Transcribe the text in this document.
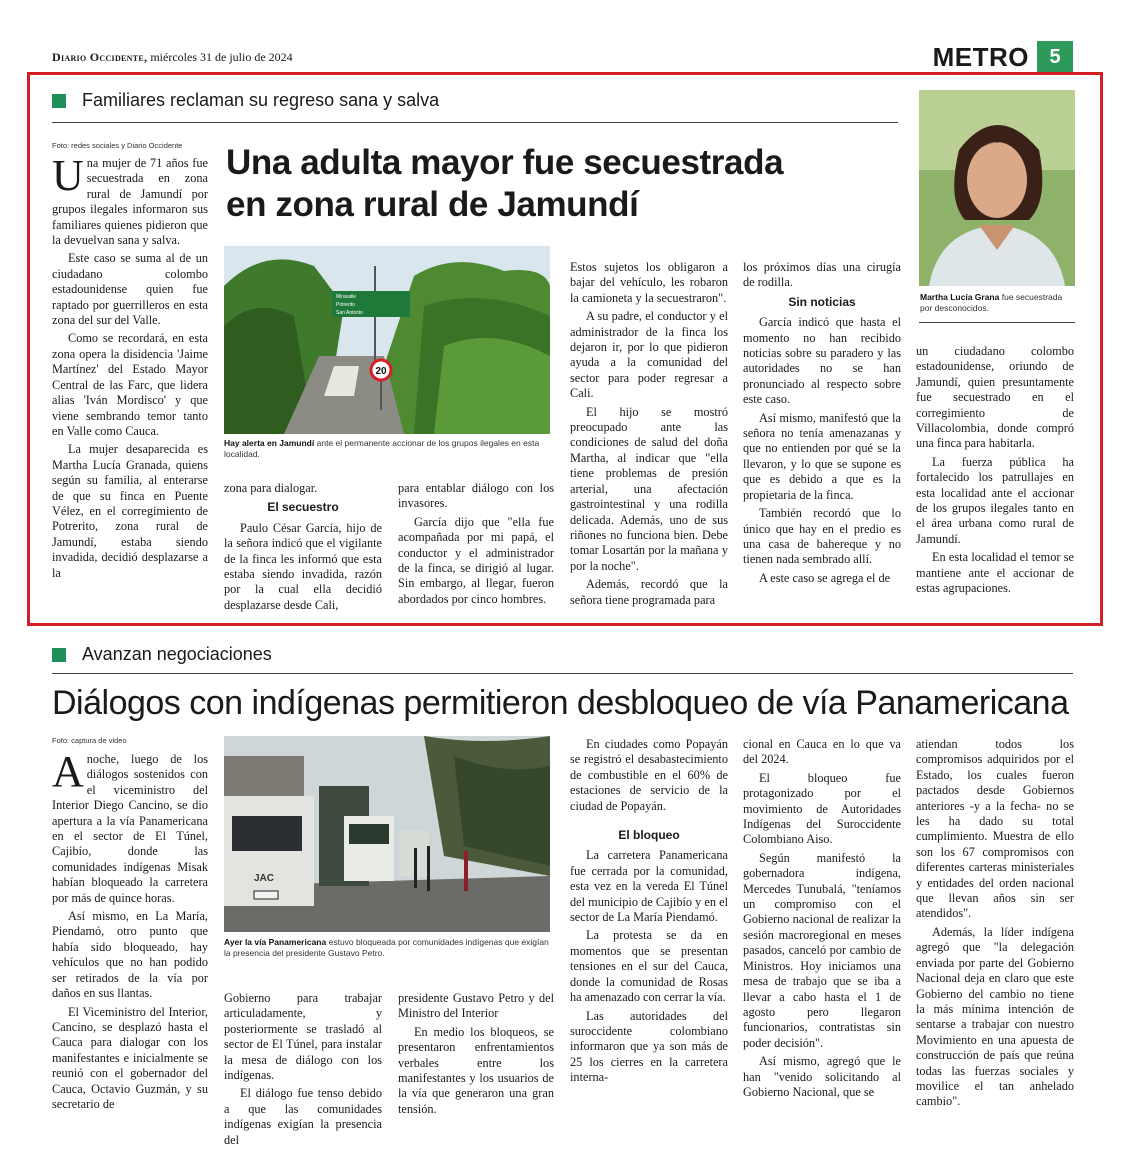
Diario Occidente, miércoles 31 de julio de 2024	METRO	5
Familiares reclaman su regreso sana y salva
Foto: redes sociales y Diario Occidente
U na mujer de 71 años fue secuestrada en zona rural de Jamundí por grupos ilegales informaron sus familiares quienes pidieron que la devuelvan sana y salva.

Este caso se suma al de un ciudadano colombo estadounidense quien fue raptado por guerrilleros en esta zona del sur del Valle.

Como se recordará, en esta zona opera la disidencia 'Jaime Martínez' del Estado Mayor Central de las Farc, que lidera alias 'Iván Mordisco' y que viene sembrando temor tanto en Valle como Cauca.

La mujer desaparecida es Martha Lucía Granada, quiens según su familia, al enterarse de que su finca en Puente Vélez, en el corregimiento de Potrerito, zona rural de Jamundí, estaba siendo invadida, decidió desplazarse a la

Una adulta mayor fue secuestrada
en zona rural de Jamundí
Miravalle
Potrerito
San Antonio
20
Hay alerta en Jamundí ante el permanente accionar de los grupos ilegales en esta localidad.

zona para dialogar.

El secuestro

Paulo César García, hijo de la señora indicó que el vigilante de la finca les informó que esta estaba siendo invadida, razón por la cual ella decidió desplazarse desde Cali,

para entablar diálogo con los invasores.

García dijo que "ella fue acompañada por mi papá, el conductor y el administrador de la finca, se dirigió al lugar. Sin embargo, al llegar, fueron abordados por cinco hombres.

Estos sujetos los obligaron a bajar del vehículo, les robaron la camioneta y la secuestraron".

A su padre, el conductor y el administrador de la finca los dejaron ir, por lo que pidieron ayuda a la comunidad del sector para poder regresar a Cali.

El hijo se mostró preocupado ante las condiciones de salud del doña Martha, al indicar que "ella tiene problemas de presión arterial, una afectación gastrointestinal y una rodilla delicada. Además, uno de sus riñones no funciona bien. Debe tomar Losartán por la mañana y por la noche".

Además, recordó que la señora tiene programada para

los próximos días una cirugía de rodilla.

Sin noticias

García indicó que hasta el momento no han recibido noticias sobre su paradero y las autoridades no se han pronunciado al respecto sobre este caso.

Así mismo, manifestó que la señora no tenía amenazanas y que no entienden por qué se la llevaron, y lo que se supone es que es debido a que es la propietaria de la finca.

También recordó que lo único que hay en el predio es una casa de bahereque y no tienen nada sembrado allí.

A este caso se agrega el de

Martha Lucía Grana fue secuestrada por desconocidos.

un ciudadano colombo estadounidense, oriundo de Jamundí, quien presuntamente fue secuestrado en el corregimiento de Villacolombia, donde compró una finca para habitarla.

La fuerza pública ha fortalecido los patrullajes en esta localidad ante el accionar de los grupos ilegales tanto en el área urbana como rural de Jamundí.

En esta localidad el temor se mantiene ante el accionar de estas agrupaciones.

Avanzan negociaciones
Diálogos con indígenas permitieron desbloqueo de vía Panamericana
Foto: captura de video
A noche, luego de los diálogos sostenidos con el viceministro del Interior Diego Cancino, se dio apertura a la vía Panamericana en el sector de El Túnel, Cajibío, donde las comunidades indígenas Misak habían bloqueado la carretera por más de quince horas.

Así mismo, en La María, Piendamó, otro punto que había sido bloqueado, hay vehículos que no han podido ser retirados de la vía por daños en sus llantas.

El Viceministro del Interior, Cancino, se desplazó hasta el Cauca para dialogar con los manifestantes e inicialmente se reunió con el gobernador del Cauca, Octavio Guzmán, y su secretario de

JAC
Ayer la vía Panamericana estuvo bloqueada por comunidades indígenas que exigían la presencia del presidente Gustavo Petro.

Gobierno para trabajar articuladamente, y posteriormente se trasladó al sector de El Túnel, para instalar la mesa de diálogo con los indígenas.

El diálogo fue tenso debido a que las comunidades indígenas exigían la presencia del

presidente Gustavo Petro y del Ministro del Interior

En medio los bloqueos, se presentaron enfrentamientos verbales entre los manifestantes y los usuarios de la vía que generaron una gran tensión.

En ciudades como Popayán se registró el desabastecimiento de combustible en el 60% de estaciones de servicio de la ciudad de Popayán.

El bloqueo

La carretera Panamericana fue cerrada por la comunidad, esta vez en la vereda El Túnel del municipio de Cajibío y en el sector de La María Piendamó.

La protesta se da en momentos que se presentan tensiones en el sur del Cauca, donde la comunidad de Rosas ha amenazado con cerrar la vía.

Las autoridades del suroccidente colombiano informaron que ya son más de 25 los cierres en la carretera interna-

cional en Cauca en lo que va del 2024.

El bloqueo fue protagonizado por el movimiento de Autoridades Indígenas del Suroccidente Colombiano Aiso.

Según manifestó la gobernadora indígena, Mercedes Tunubalá, "teníamos un compromiso con el Gobierno nacional de realizar la sesión macroregional en meses pasados, canceló por cambio de Ministros. Hoy iniciamos una mesa de trabajo que se iba a llevar a cabo hasta el 1 de agosto pero llegaron funcionarios, contratistas sin poder decisión".

Así mismo, agregó que le han "venido solicitando al Gobierno Nacional, que se

atiendan todos los compromisos adquiridos por el Estado, los cuales fueron pactados desde Gobiernos anteriores -y a la fecha- no se les ha dado su total cumplimiento. Muestra de ello son los 67 compromisos con diferentes carteras ministeriales y entidades del orden nacional que llevan años sin ser atendidos".

Además, la líder indígena agregó que "la delegación enviada por parte del Gobierno Nacional deja en claro que este Gobierno del cambio no tiene la más mínima intención de sentarse a trabajar con nuestro Movimiento en una apuesta de construcción de país que reúna todas las fuerzas sociales y movilice el tan anhelado cambio".
